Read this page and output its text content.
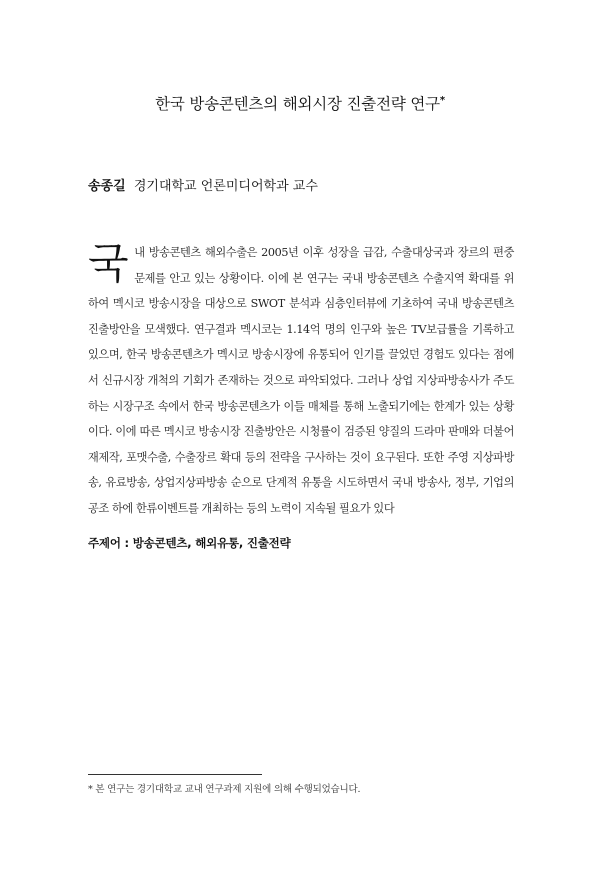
한국 방송콘텐츠의 해외시장 진출전략 연구*
송종길 경기대학교 언론미디어학과 교수
국내 방송콘텐츠 해외수출은 2005년 이후 성장을 급감, 수출대상국과 장르의 편중문제를 안고 있는 상황이다. 이에 본 연구는 국내 방송콘텐츠 수출지역 확대를 위하여 멕시코 방송시장을 대상으로 SWOT 분석과 심층인터뷰에 기초하여 국내 방송콘텐츠 진출방안을 모색했다. 연구결과 멕시코는 1.14억 명의 인구와 높은 TV보급률을 기록하고 있으며, 한국 방송콘텐츠가 멕시코 방송시장에 유통되어 인기를 끌었던 경험도 있다는 점에서 신규시장 개척의 기회가 존재하는 것으로 파악되었다. 그러나 상업 지상파방송사가 주도하는 시장구조 속에서 한국 방송콘텐츠가 이들 매체를 통해 노출되기에는 한계가 있는 상황이다. 이에 따른 멕시코 방송시장 진출방안은 시청률이 검증된 양질의 드라마 판매와 더불어 재제작, 포맷수출, 수출장르 확대 등의 전략을 구사하는 것이 요구된다. 또한 주영 지상파방송, 유료방송, 상업지상파방송 순으로 단계적 유통을 시도하면서 국내 방송사, 정부, 기업의 공조 하에 한류이벤트를 개최하는 등의 노력이 지속될 필요가 있다
주제어 : 방송콘텐츠, 해외유통, 진출전략
* 본 연구는 경기대학교 교내 연구과제 지원에 의해 수행되었습니다.
